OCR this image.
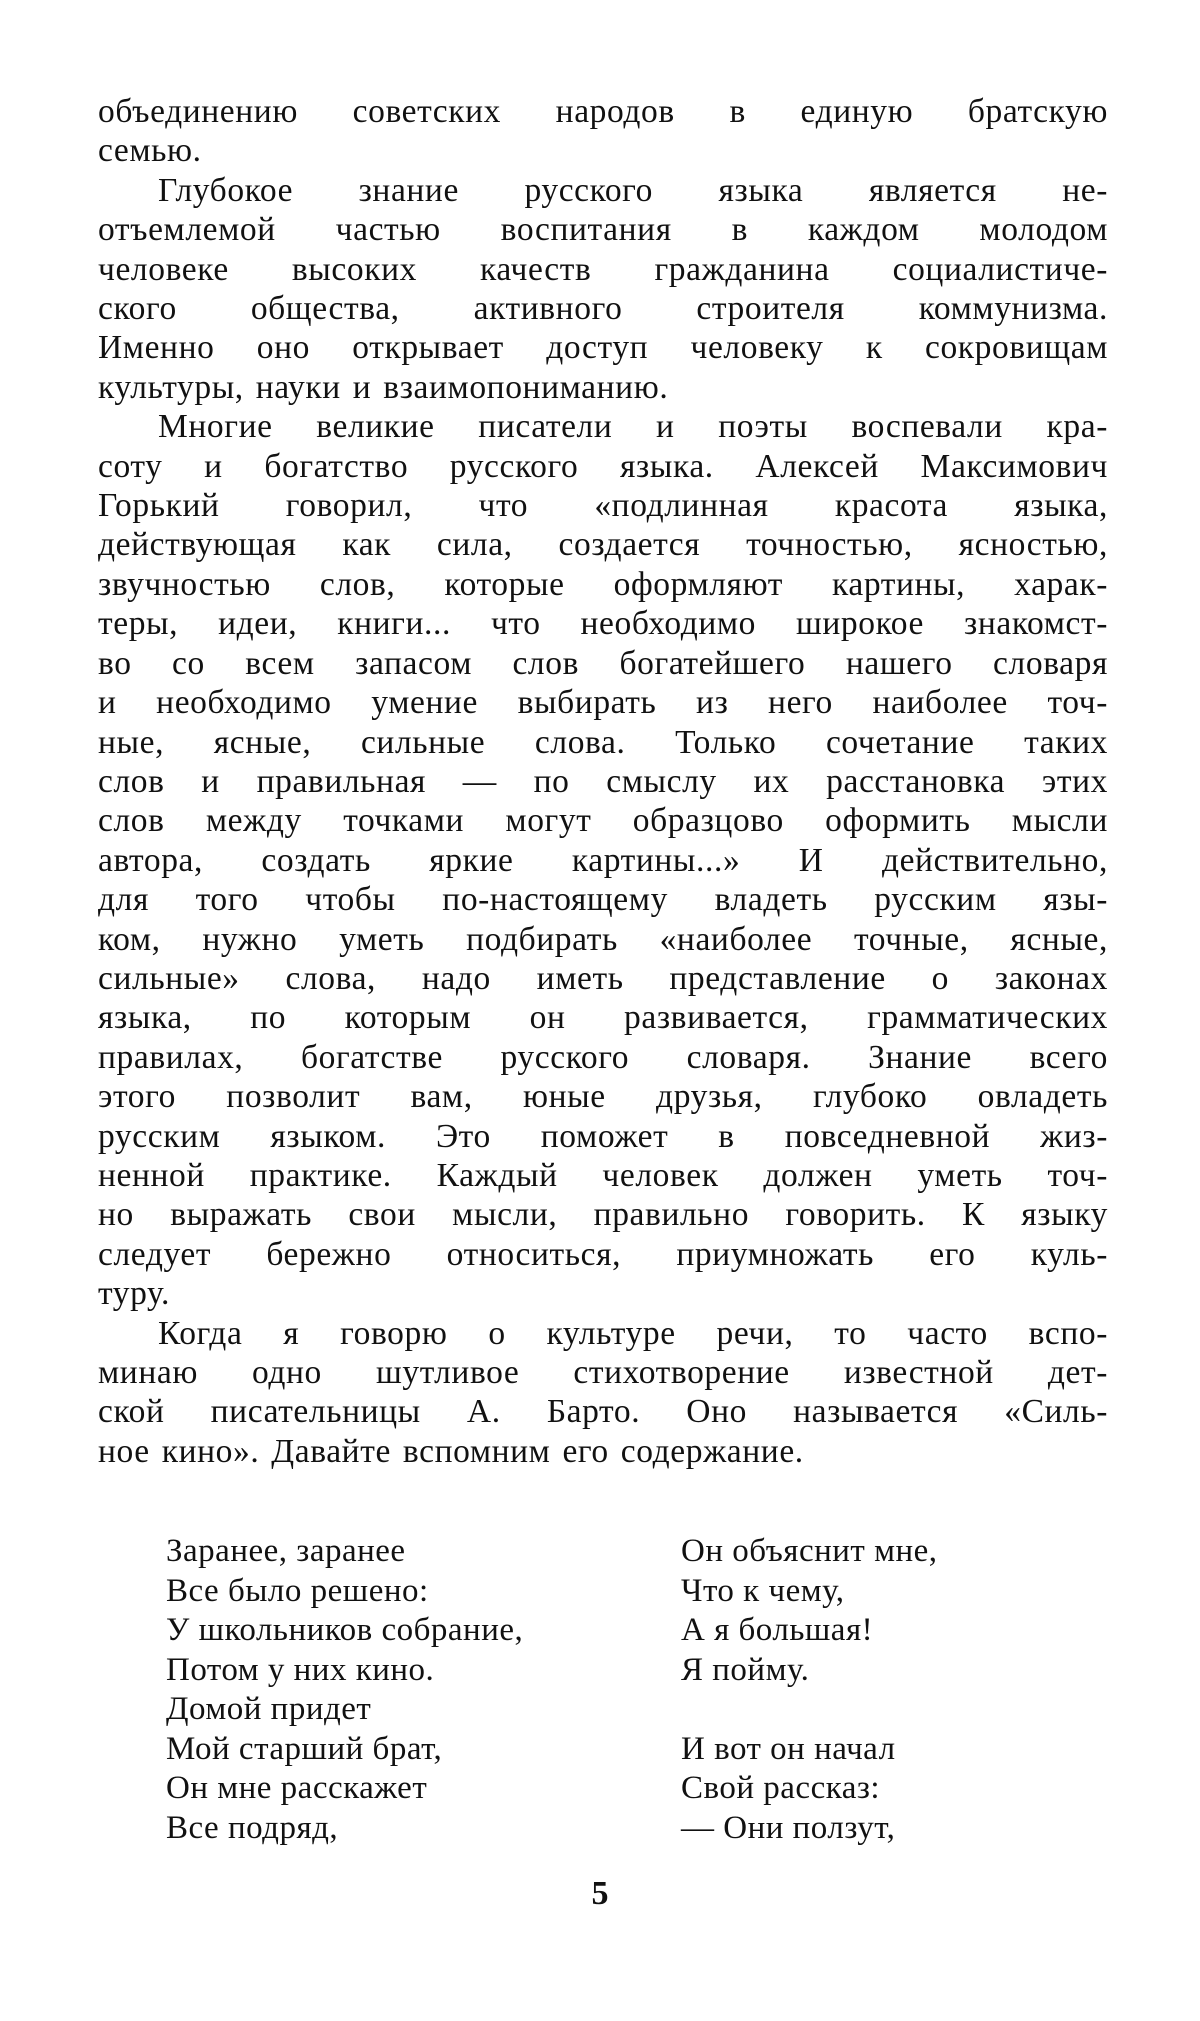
объединению советских народов в единую братскую
семью.

Глубокое знание русского языка является не-
отъемлемой частью воспитания в каждом молодом
человеке высоких качеств гражданина социалистиче-
ского общества, активного строителя коммунизма.
Именно оно открывает доступ человеку к сокровищам
культуры, науки и взаимопониманию.

Многие великие писатели и поэты воспевали кра-
соту и богатство русского языка. Алексей Максимович
Горький говорил, что «подлинная красота языка,
действующая как сила, создается точностью, ясностью,
звучностью слов, которые оформляют картины, харак-
теры, идеи, книги... что необходимо широкое знакомст-
во со всем запасом слов богатейшего нашего словаря
и необходимо умение выбирать из него наиболее точ-
ные, ясные, сильные слова. Только сочетание таких
слов и правильная — по смыслу их расстановка этих
слов между точками могут образцово оформить мысли
автора, создать яркие картины...» И действительно,
для того чтобы по-настоящему владеть русским язы-
ком, нужно уметь подбирать «наиболее точные, ясные,
сильные» слова, надо иметь представление о законах
языка, по которым он развивается, грамматических
правилах, богатстве русского словаря. Знание всего
этого позволит вам, юные друзья, глубоко овладеть
русским языком. Это поможет в повседневной жиз-
ненной практике. Каждый человек должен уметь точ-
но выражать свои мысли, правильно говорить. К языку
следует бережно относиться, приумножать его куль-
туру.

Когда я говорю о культуре речи, то часто вспо-
минаю одно шутливое стихотворение известной дет-
ской писательницы А. Барто. Оно называется «Силь-
ное кино». Давайте вспомним его содержание.

Заранее, заранее
Все было решено:
У школьников собрание,
Потом у них кино.
Домой придет
Мой старший брат,
Он мне расскажет
Все подряд,
Он объяснит мне,
Что к чему,
А я большая!
Я пойму.
И вот он начал
Свой рассказ:
— Они ползут,
5
